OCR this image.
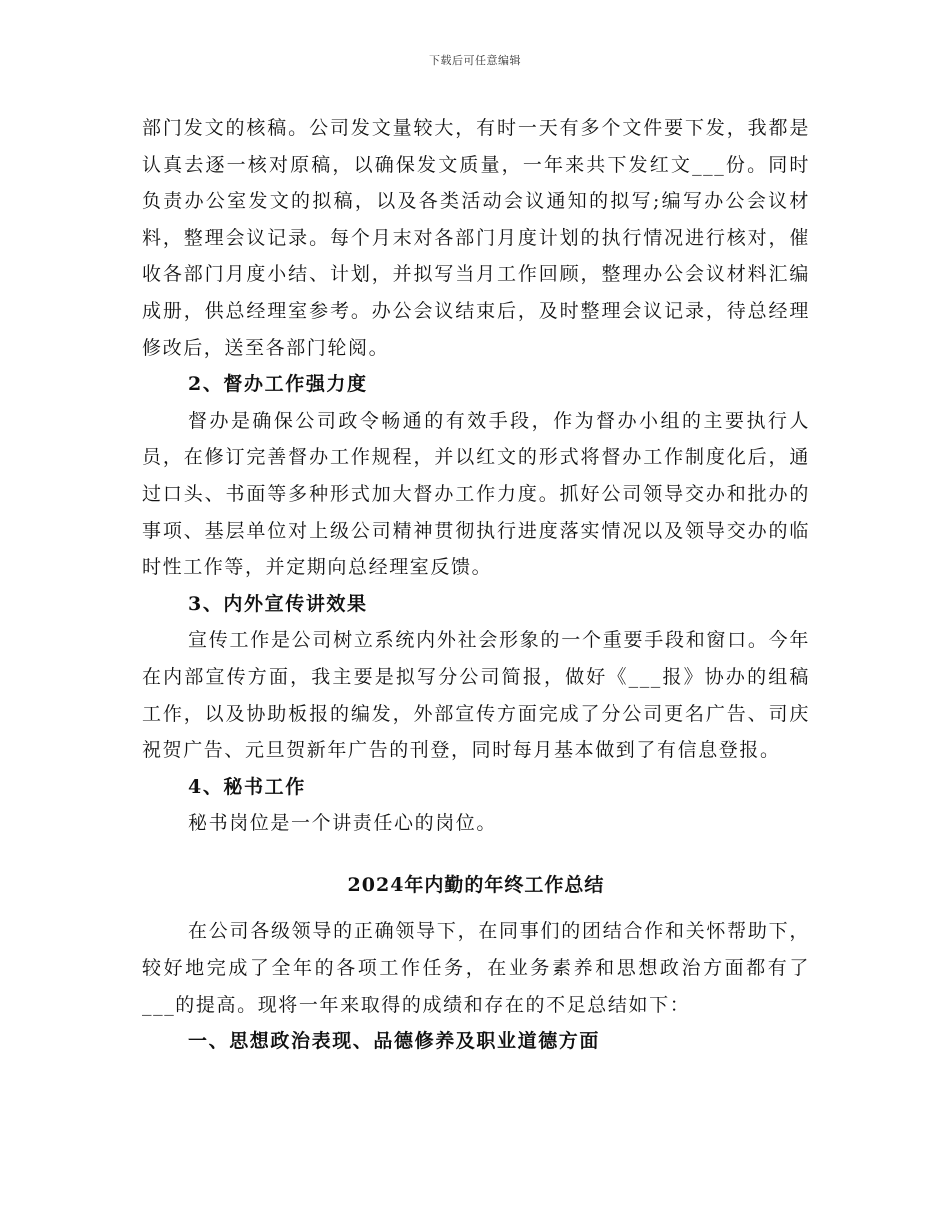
下载后可任意编辑

部门发文的核稿。公司发文量较大，有时一天有多个文件要下发，我都是认真去逐一核对原稿，以确保发文质量，一年来共下发红文___份。同时负责办公室发文的拟稿，以及各类活动会议通知的拟写;编写办公会议材料，整理会议记录。每个月末对各部门月度计划的执行情况进行核对，催收各部门月度小结、计划，并拟写当月工作回顾，整理办公会议材料汇编成册，供总经理室参考。办公会议结束后，及时整理会议记录，待总经理修改后，送至各部门轮阅。

2、督办工作强力度

督办是确保公司政令畅通的有效手段，作为督办小组的主要执行人员，在修订完善督办工作规程，并以红文的形式将督办工作制度化后，通过口头、书面等多种形式加大督办工作力度。抓好公司领导交办和批办的事项、基层单位对上级公司精神贯彻执行进度落实情况以及领导交办的临时性工作等，并定期向总经理室反馈。

3、内外宣传讲效果

宣传工作是公司树立系统内外社会形象的一个重要手段和窗口。今年在内部宣传方面，我主要是拟写分公司简报，做好《___报》协办的组稿工作，以及协助板报的编发，外部宣传方面完成了分公司更名广告、司庆祝贺广告、元旦贺新年广告的刊登，同时每月基本做到了有信息登报。

4、秘书工作

秘书岗位是一个讲责任心的岗位。

2024年内勤的年终工作总结

在公司各级领导的正确领导下，在同事们的团结合作和关怀帮助下，较好地完成了全年的各项工作任务，在业务素养和思想政治方面都有了___的提高。现将一年来取得的成绩和存在的不足总结如下：

一、思想政治表现、品德修养及职业道德方面
